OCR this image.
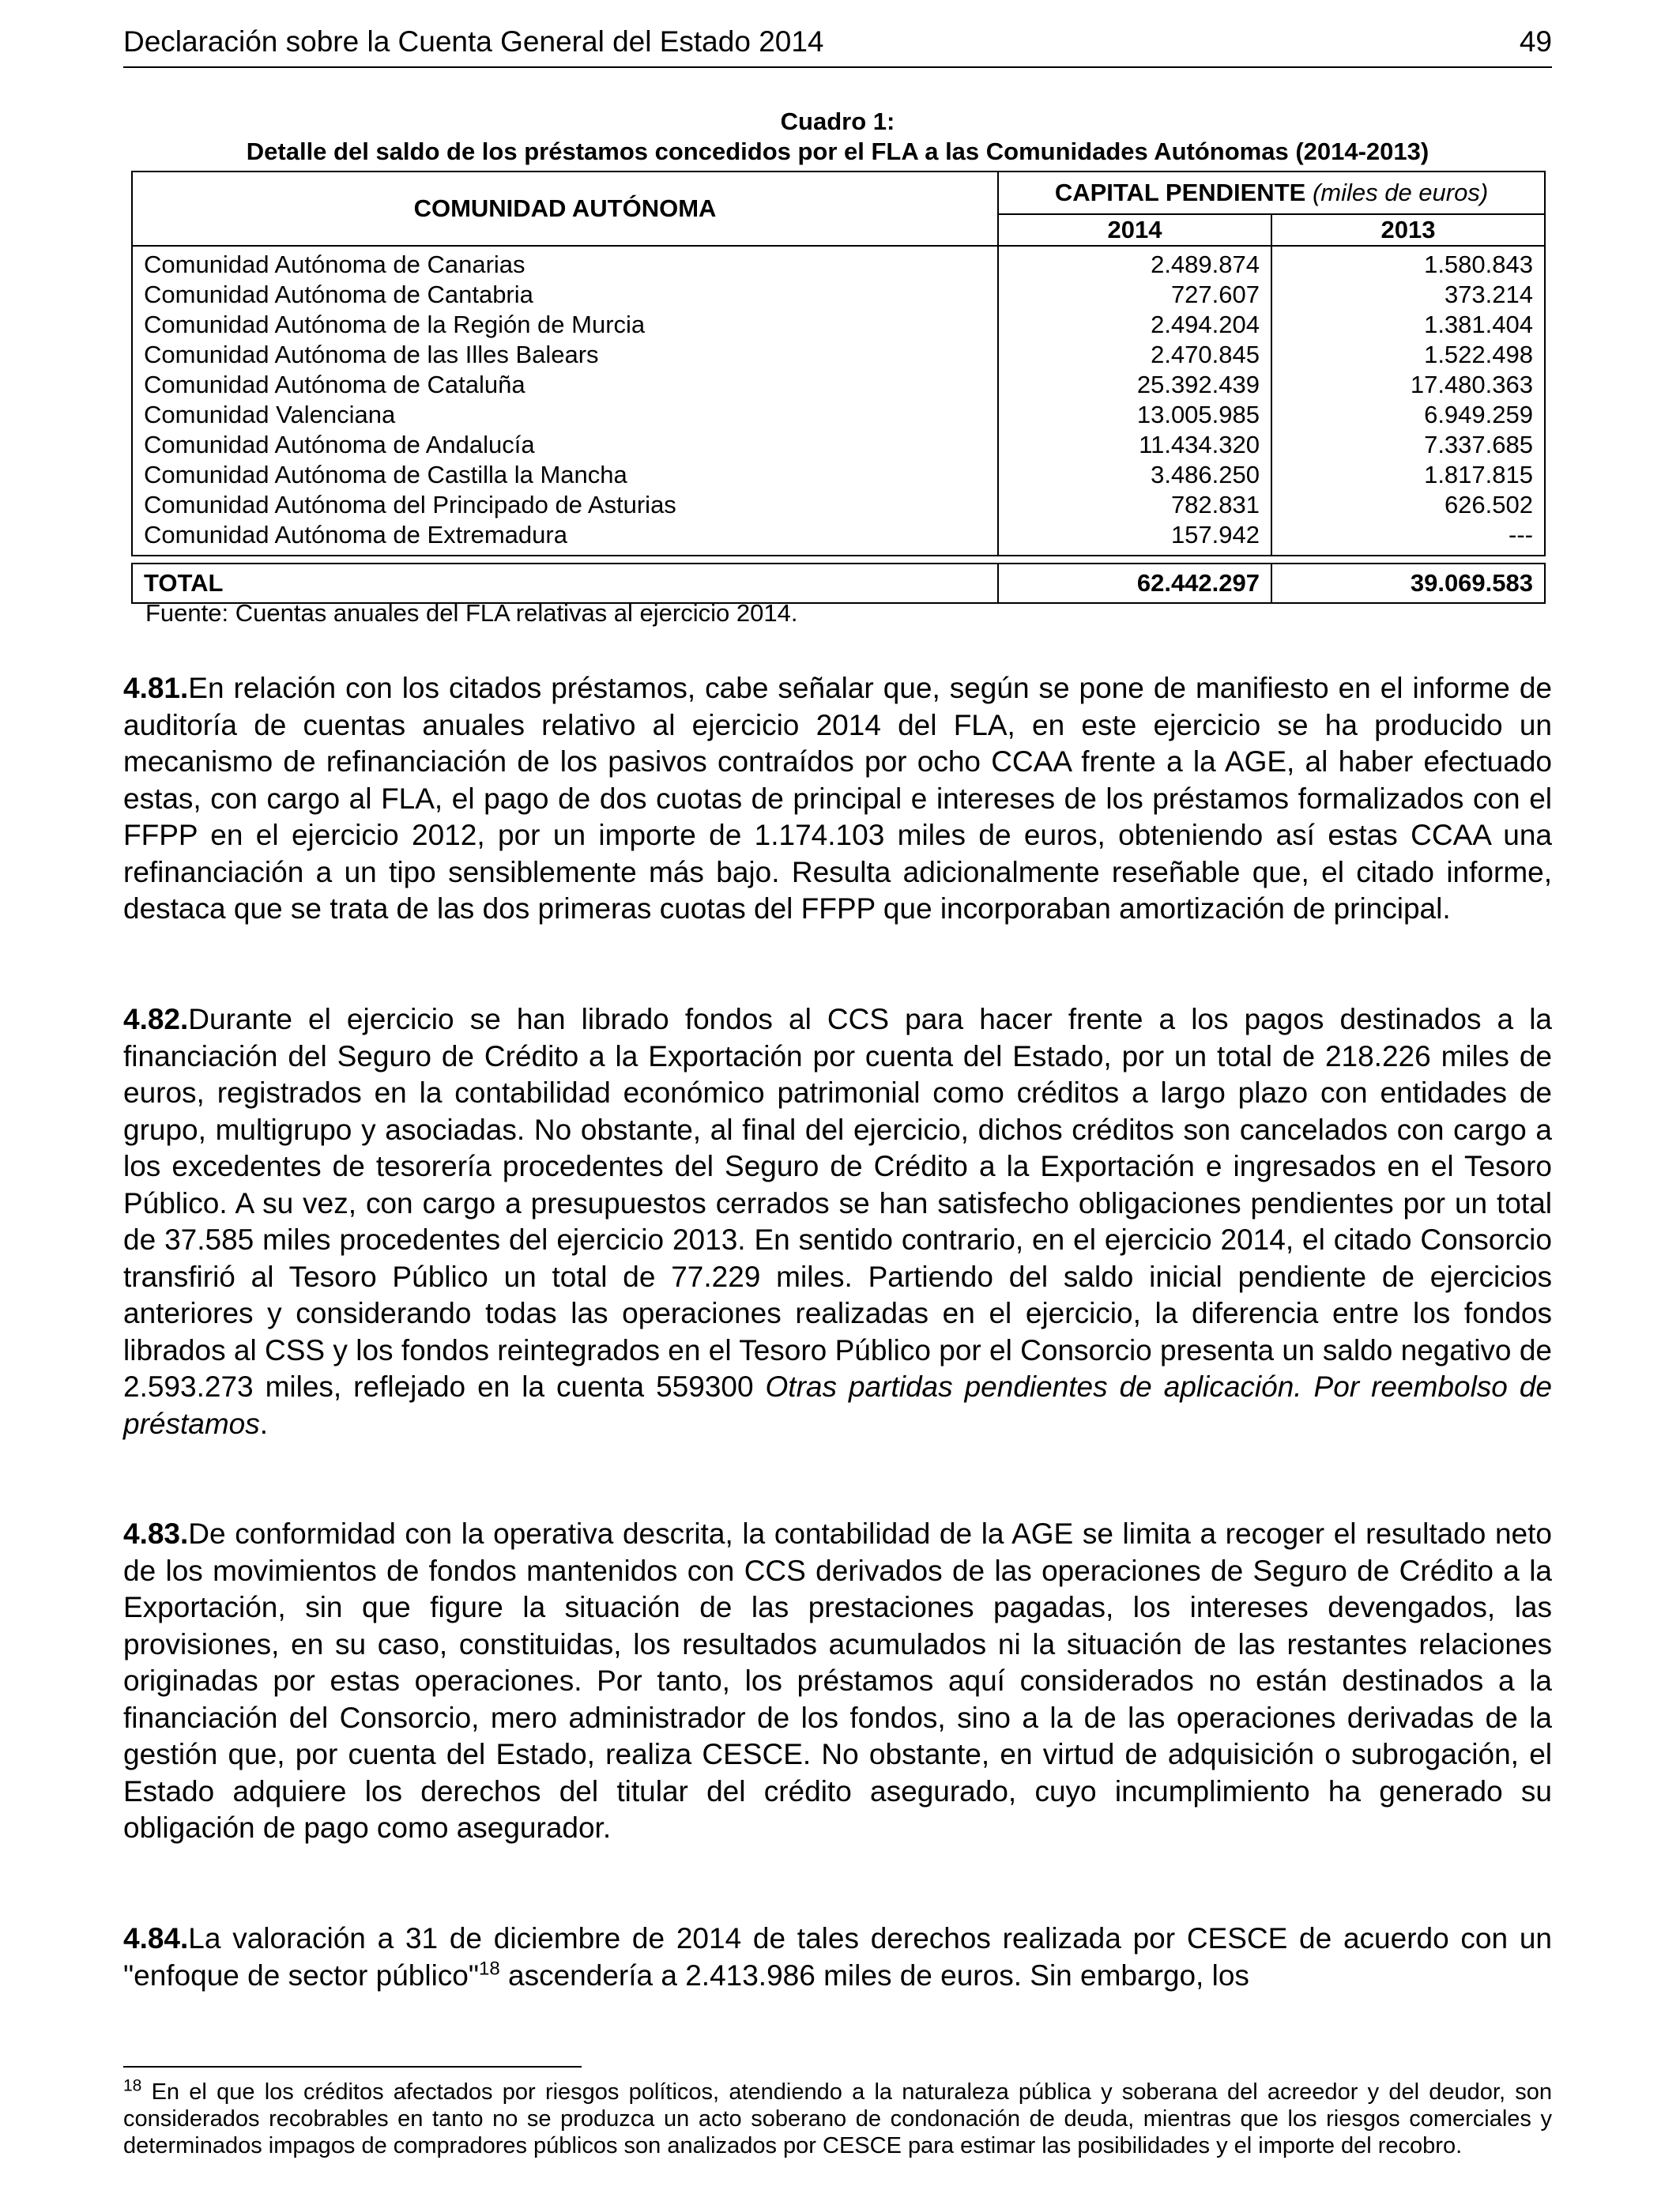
Declaración sobre la Cuenta General del Estado 2014	49
Cuadro 1:
Detalle del saldo de los préstamos concedidos por el FLA a las Comunidades Autónomas (2014-2013)
COMUNIDAD AUTÓNOMA	CAPITAL PENDIENTE (miles de euros)	
	2014	2013
Comunidad Autónoma de Canarias	2.489.874	1.580.843
Comunidad Autónoma de Cantabria	727.607	373.214
Comunidad Autónoma de la Región de Murcia	2.494.204	1.381.404
Comunidad Autónoma de las Illes Balears	2.470.845	1.522.498
Comunidad Autónoma de Cataluña	25.392.439	17.480.363
Comunidad Valenciana	13.005.985	6.949.259
Comunidad Autónoma de Andalucía	11.434.320	7.337.685
Comunidad Autónoma de Castilla la Mancha	3.486.250	1.817.815
Comunidad Autónoma del Principado de Asturias	782.831	626.502
Comunidad Autónoma de Extremadura	157.942	---

TOTAL	62.442.297	39.069.583
Fuente: Cuentas anuales del FLA relativas al ejercicio 2014.

4.81.En relación con los citados préstamos, cabe señalar que, según se pone de manifiesto en el informe de auditoría de cuentas anuales relativo al ejercicio 2014 del FLA, en este ejercicio se ha producido un mecanismo de refinanciación de los pasivos contraídos por ocho CCAA frente a la AGE, al haber efectuado estas, con cargo al FLA, el pago de dos cuotas de principal e intereses de los préstamos formalizados con el FFPP en el ejercicio 2012, por un importe de 1.174.103 miles de euros, obteniendo así estas CCAA una refinanciación a un tipo sensiblemente más bajo. Resulta adicionalmente reseñable que, el citado informe, destaca que se trata de las dos primeras cuotas del FFPP que incorporaban amortización de principal.

4.82.Durante el ejercicio se han librado fondos al CCS para hacer frente a los pagos destinados a la financiación del Seguro de Crédito a la Exportación por cuenta del Estado, por un total de 218.226 miles de euros, registrados en la contabilidad económico patrimonial como créditos a largo plazo con entidades de grupo, multigrupo y asociadas. No obstante, al final del ejercicio, dichos créditos son cancelados con cargo a los excedentes de tesorería procedentes del Seguro de Crédito a la Exportación e ingresados en el Tesoro Público. A su vez, con cargo a presupuestos cerrados se han satisfecho obligaciones pendientes por un total de 37.585 miles procedentes del ejercicio 2013. En sentido contrario, en el ejercicio 2014, el citado Consorcio transfirió al Tesoro Público un total de 77.229 miles. Partiendo del saldo inicial pendiente de ejercicios anteriores y considerando todas las operaciones realizadas en el ejercicio, la diferencia entre los fondos librados al CSS y los fondos reintegrados en el Tesoro Público por el Consorcio presenta un saldo negativo de 2.593.273 miles, reflejado en la cuenta 559300 Otras partidas pendientes de aplicación. Por reembolso de préstamos.

4.83.De conformidad con la operativa descrita, la contabilidad de la AGE se limita a recoger el resultado neto de los movimientos de fondos mantenidos con CCS derivados de las operaciones de Seguro de Crédito a la Exportación, sin que figure la situación de las prestaciones pagadas, los intereses devengados, las provisiones, en su caso, constituidas, los resultados acumulados ni la situación de las restantes relaciones originadas por estas operaciones. Por tanto, los préstamos aquí considerados no están destinados a la financiación del Consorcio, mero administrador de los fondos, sino a la de las operaciones derivadas de la gestión que, por cuenta del Estado, realiza CESCE. No obstante, en virtud de adquisición o subrogación, el Estado adquiere los derechos del titular del crédito asegurado, cuyo incumplimiento ha generado su obligación de pago como asegurador.

4.84.La valoración a 31 de diciembre de 2014 de tales derechos realizada por CESCE de acuerdo con un "enfoque de sector público"$^{18}$ ascendería a 2.413.986 miles de euros. Sin embargo, los

$^{18}$ En el que los créditos afectados por riesgos políticos, atendiendo a la naturaleza pública y soberana del acreedor y del deudor, son considerados recobrables en tanto no se produzca un acto soberano de condonación de deuda, mientras que los riesgos comerciales y determinados impagos de compradores públicos son analizados por CESCE para estimar las posibilidades y el importe del recobro.
